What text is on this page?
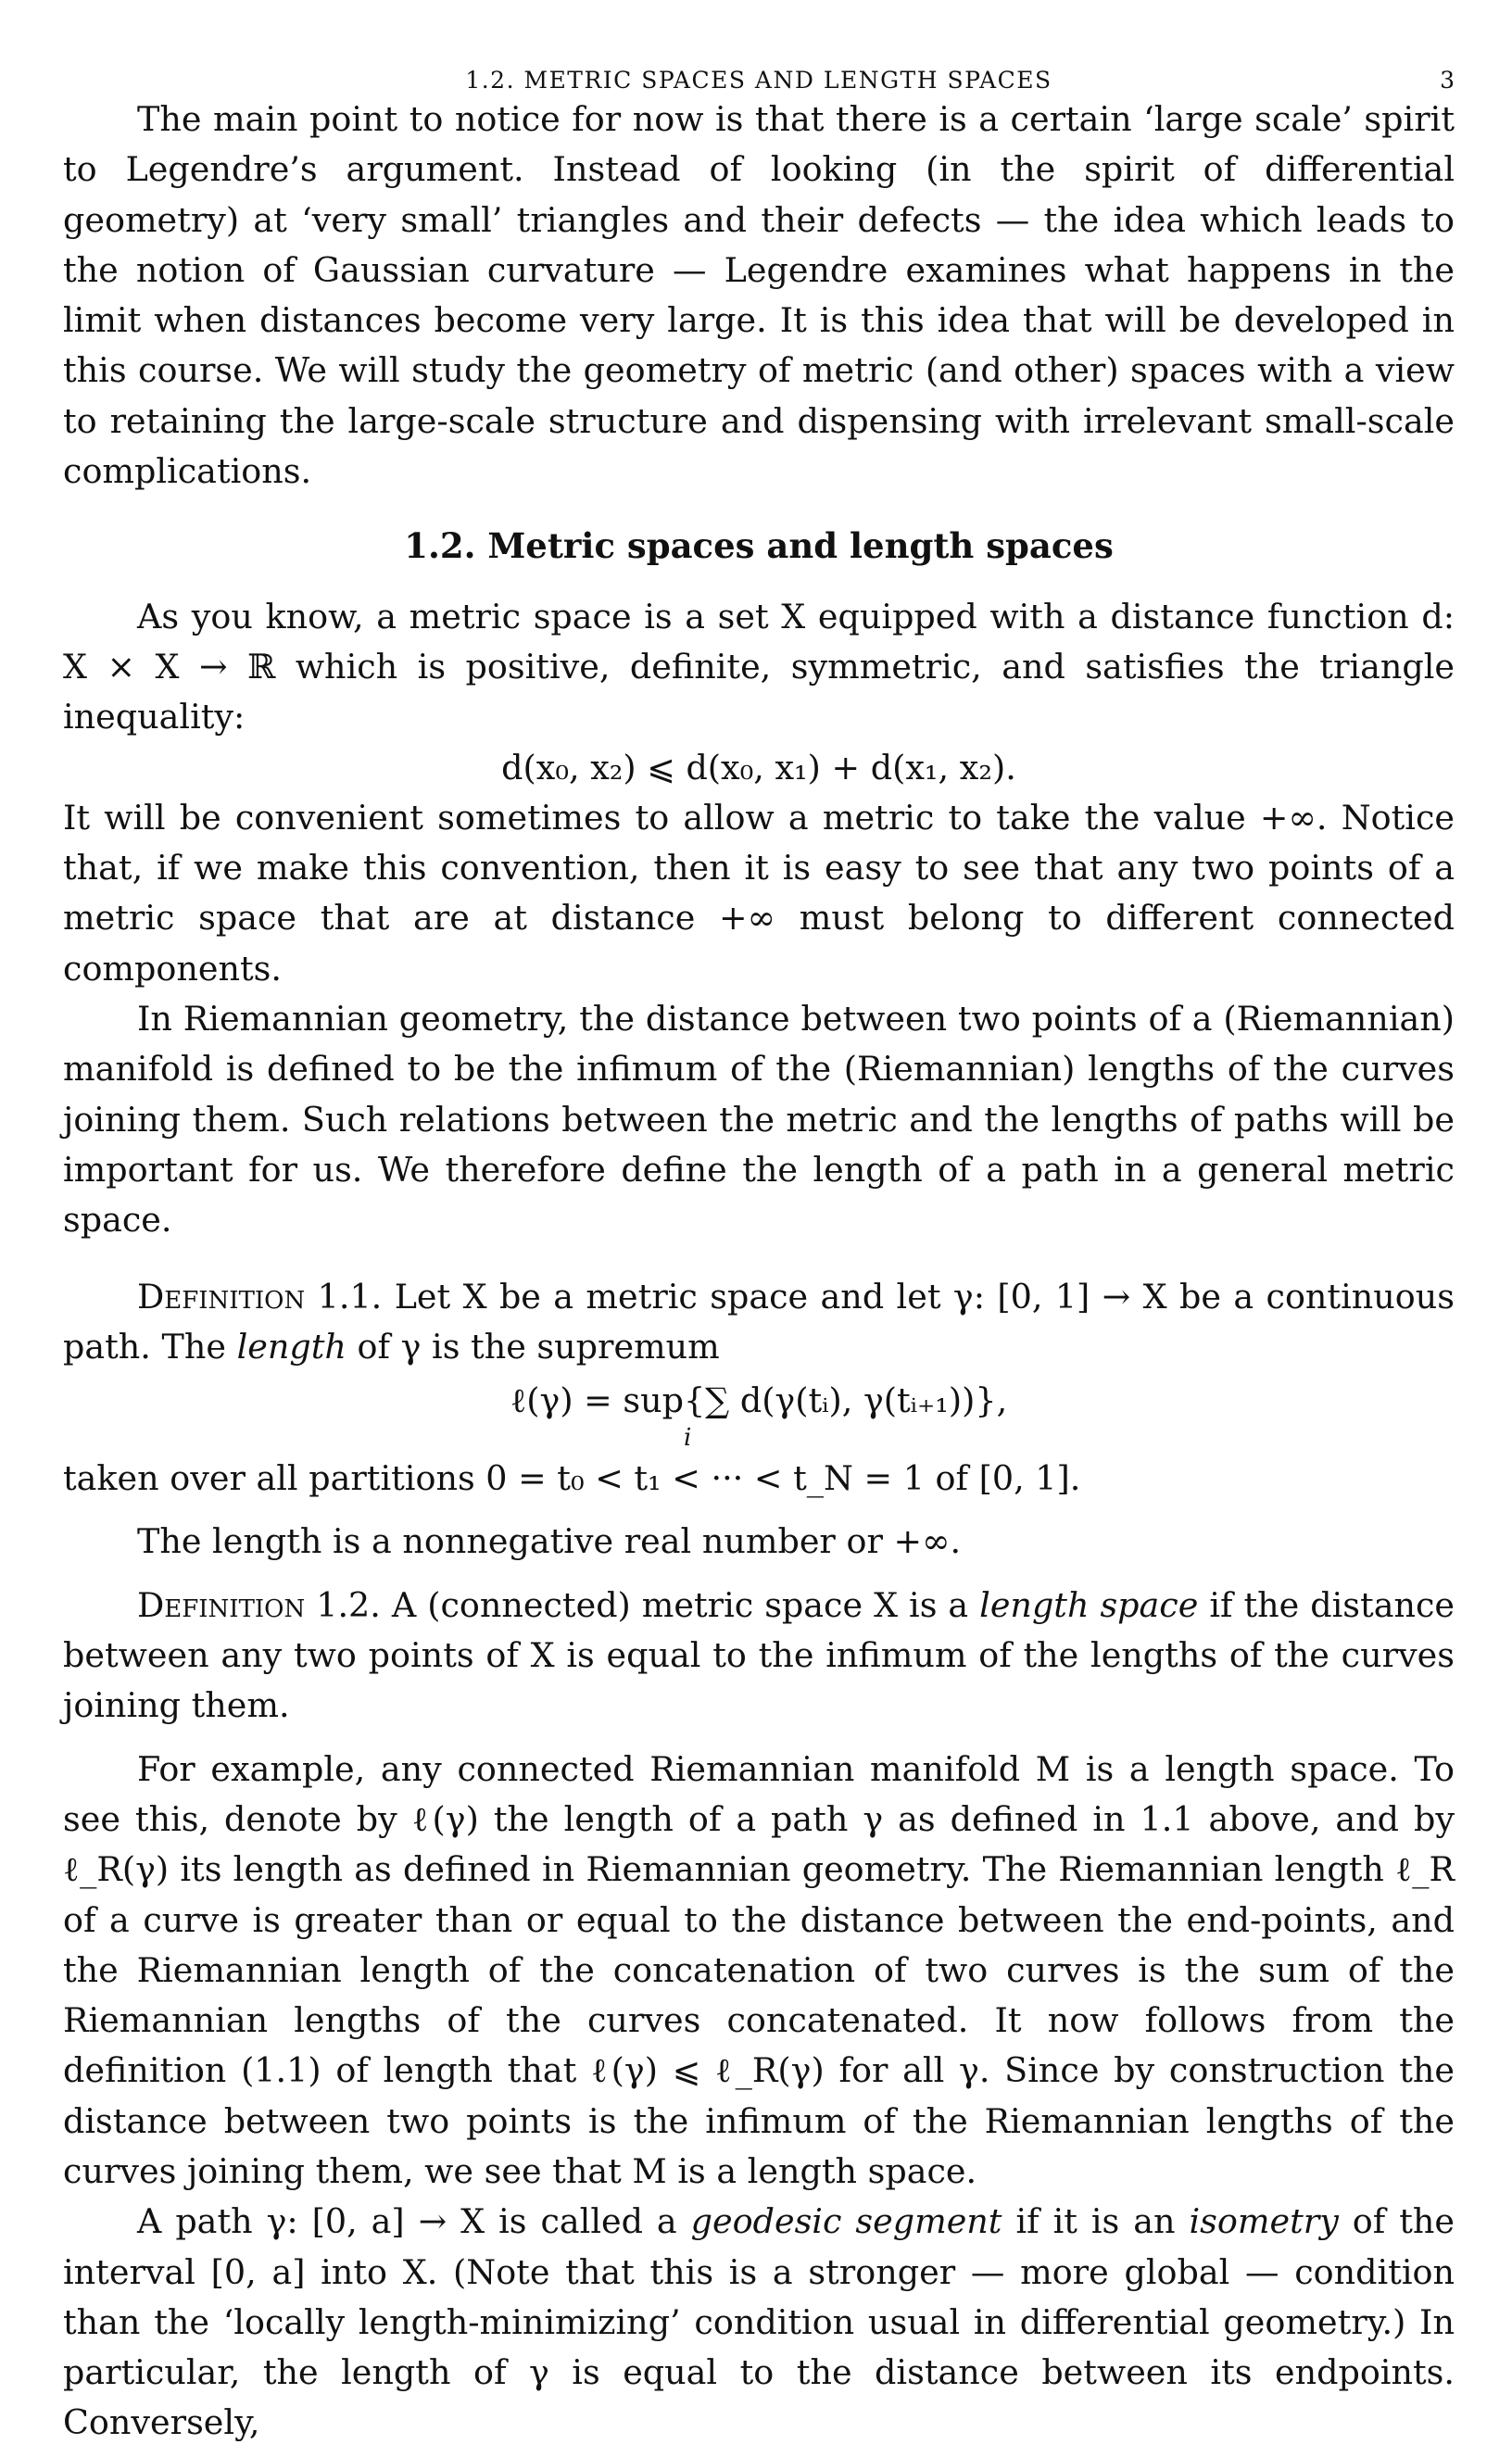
1.2. METRIC SPACES AND LENGTH SPACES	3

The main point to notice for now is that there is a certain ‘large scale’ spirit to Legendre’s argument. Instead of looking (in the spirit of differential geometry) at ‘very small’ triangles and their defects — the idea which leads to the notion of Gaussian curvature — Legendre examines what happens in the limit when distances become very large. It is this idea that will be developed in this course. We will study the geometry of metric (and other) spaces with a view to retaining the large-scale structure and dispensing with irrelevant small-scale complications.

1.2. Metric spaces and length spaces

As you know, a metric space is a set X equipped with a distance function d: X × X → ℝ which is positive, definite, symmetric, and satisfies the triangle inequality:

d(x₀, x₂) ⩽ d(x₀, x₁) + d(x₁, x₂).

It will be convenient sometimes to allow a metric to take the value +∞. Notice that, if we make this convention, then it is easy to see that any two points of a metric space that are at distance +∞ must belong to different connected components.

In Riemannian geometry, the distance between two points of a (Riemannian) manifold is defined to be the infimum of the (Riemannian) lengths of the curves joining them. Such relations between the metric and the lengths of paths will be important for us. We therefore define the length of a path in a general metric space.

Definition 1.1. Let X be a metric space and let γ: [0, 1] → X be a continuous path. The length of γ is the supremum

ℓ(γ) = sup{∑ d(γ(tᵢ), γ(tᵢ₊₁))},
i

taken over all partitions 0 = t₀ < t₁ < ··· < t_N = 1 of [0, 1].

The length is a nonnegative real number or +∞.

Definition 1.2. A (connected) metric space X is a length space if the distance between any two points of X is equal to the infimum of the lengths of the curves joining them.

For example, any connected Riemannian manifold M is a length space. To see this, denote by ℓ(γ) the length of a path γ as defined in 1.1 above, and by ℓ_R(γ) its length as defined in Riemannian geometry. The Riemannian length ℓ_R of a curve is greater than or equal to the distance between the end-points, and the Riemannian length of the concatenation of two curves is the sum of the Riemannian lengths of the curves concatenated. It now follows from the definition (1.1) of length that ℓ(γ) ⩽ ℓ_R(γ) for all γ. Since by construction the distance between two points is the infimum of the Riemannian lengths of the curves joining them, we see that M is a length space.

A path γ: [0, a] → X is called a geodesic segment if it is an isometry of the interval [0, a] into X. (Note that this is a stronger — more global — condition than the ‘locally length-minimizing’ condition usual in differential geometry.) In particular, the length of γ is equal to the distance between its endpoints. Conversely,
